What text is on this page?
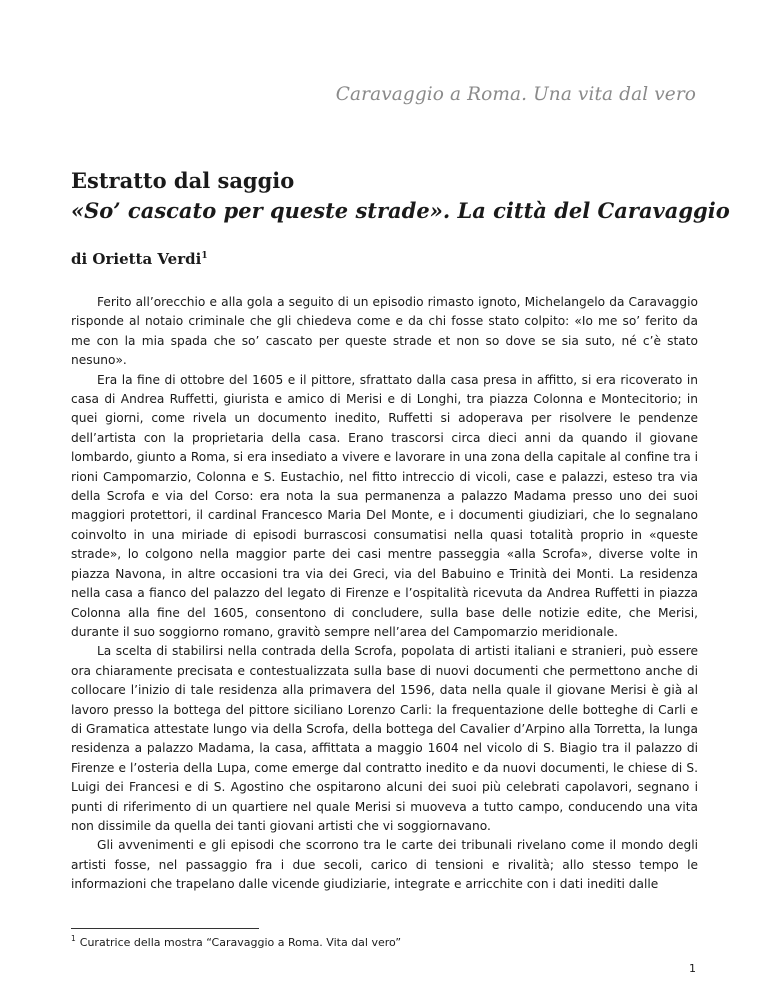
Caravaggio a Roma. Una vita dal vero
Estratto dal saggio
«So’ cascato per queste strade». La città del Caravaggio
di Orietta Verdi$^1$

Ferito all’orecchio e alla gola a seguito di un episodio rimasto ignoto, Michelangelo da Caravaggio risponde al notaio criminale che gli chiedeva come e da chi fosse stato colpito: «Io me so’ ferito da me con la mia spada che so’ cascato per queste strade et non so dove se sia suto, né c’è stato nesuno».

Era la fine di ottobre del 1605 e il pittore, sfrattato dalla casa presa in affitto, si era ricoverato in casa di Andrea Ruffetti, giurista e amico di Merisi e di Longhi, tra piazza Colonna e Montecitorio; in quei giorni, come rivela un documento inedito, Ruffetti si adoperava per risolvere le pendenze dell’artista con la proprietaria della casa. Erano trascorsi circa dieci anni da quando il giovane lombardo, giunto a Roma, si era insediato a vivere e lavorare in una zona della capitale al confine tra i rioni Campomarzio, Colonna e S. Eustachio, nel fitto intreccio di vicoli, case e palazzi, esteso tra via della Scrofa e via del Corso: era nota la sua permanenza a palazzo Madama presso uno dei suoi maggiori protettori, il cardinal Francesco Maria Del Monte, e i documenti giudiziari, che lo segnalano coinvolto in una miriade di episodi burrascosi consumatisi nella quasi totalità proprio in «queste strade», lo colgono nella maggior parte dei casi mentre passeggia «alla Scrofa», diverse volte in piazza Navona, in altre occasioni tra via dei Greci, via del Babuino e Trinità dei Monti. La residenza nella casa a fianco del palazzo del legato di Firenze e l’ospitalità ricevuta da Andrea Ruffetti in piazza Colonna alla fine del 1605, consentono di concludere, sulla base delle notizie edite, che Merisi, durante il suo soggiorno romano, gravitò sempre nell’area del Campomarzio meridionale.

La scelta di stabilirsi nella contrada della Scrofa, popolata di artisti italiani e stranieri, può essere ora chiaramente precisata e contestualizzata sulla base di nuovi documenti che permettono anche di collocare l’inizio di tale residenza alla primavera del 1596, data nella quale il giovane Merisi è già al lavoro presso la bottega del pittore siciliano Lorenzo Carli: la frequentazione delle botteghe di Carli e di Gramatica attestate lungo via della Scrofa, della bottega del Cavalier d’Arpino alla Torretta, la lunga residenza a palazzo Madama, la casa, affittata a maggio 1604 nel vicolo di S. Biagio tra il palazzo di Firenze e l’osteria della Lupa, come emerge dal contratto inedito e da nuovi documenti, le chiese di S. Luigi dei Francesi e di S. Agostino che ospitarono alcuni dei suoi più celebrati capolavori, segnano i punti di riferimento di un quartiere nel quale Merisi si muoveva a tutto campo, conducendo una vita non dissimile da quella dei tanti giovani artisti che vi soggiornavano.

Gli avvenimenti e gli episodi che scorrono tra le carte dei tribunali rivelano come il mondo degli artisti fosse, nel passaggio fra i due secoli, carico di tensioni e rivalità; allo stesso tempo le informazioni che trapelano dalle vicende giudiziarie, integrate e arricchite con i dati inediti dalle

$^1$ Curatrice della mostra “Caravaggio a Roma. Vita dal vero”
1
